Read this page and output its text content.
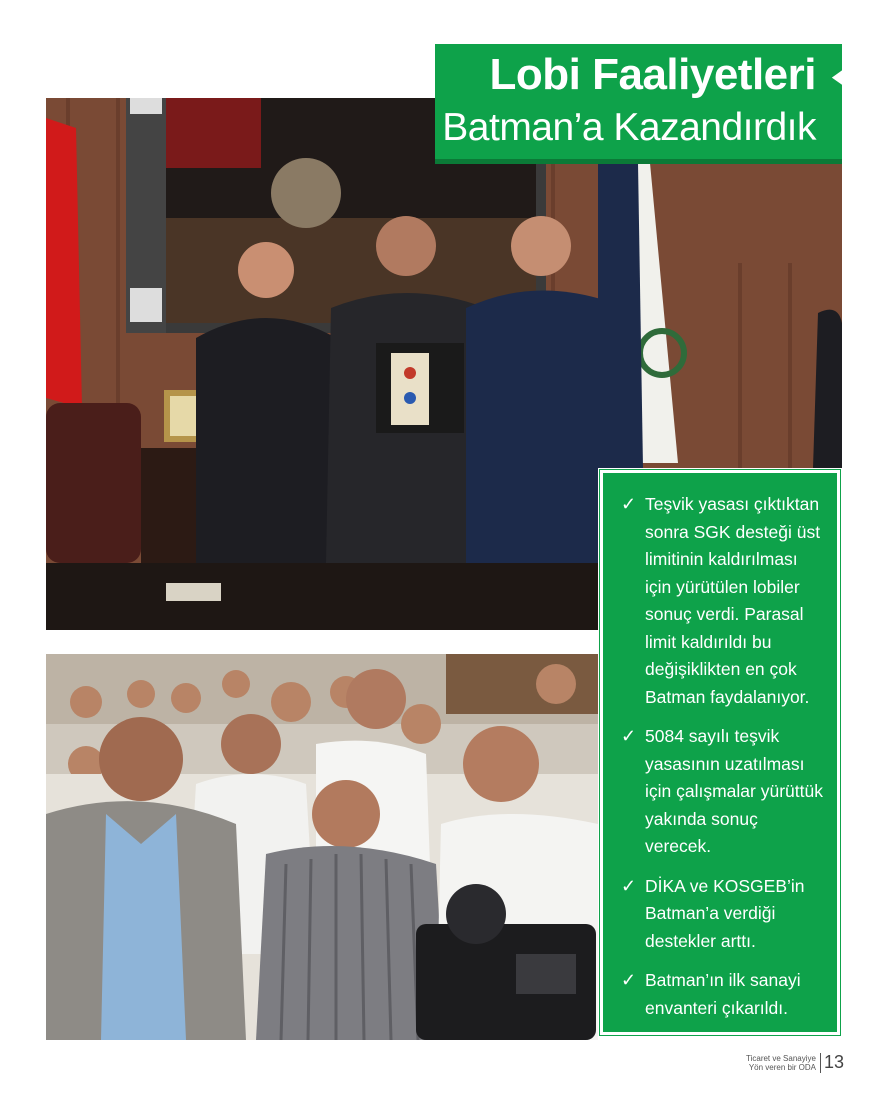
Lobi Faaliyetleri
Batman’a Kazandırdık
✓ Teşvik yasası çıktıktan sonra SGK desteği üst limitinin kaldırılması için yürütülen lobiler sonuç verdi. Parasal limit kaldırıldı bu değişiklikten en çok Batman faydalanıyor.
✓ 5084 sayılı teşvik yasasının uzatılması için çalışmalar yürüttük yakında sonuç verecek.
✓ DİKA ve KOSGEB’in Batman’a verdiği destekler arttı.
✓ Batman’ın ilk sanayi envanteri çıkarıldı.
Ticaret ve Sanayiye
Yön veren bir ODA 13
